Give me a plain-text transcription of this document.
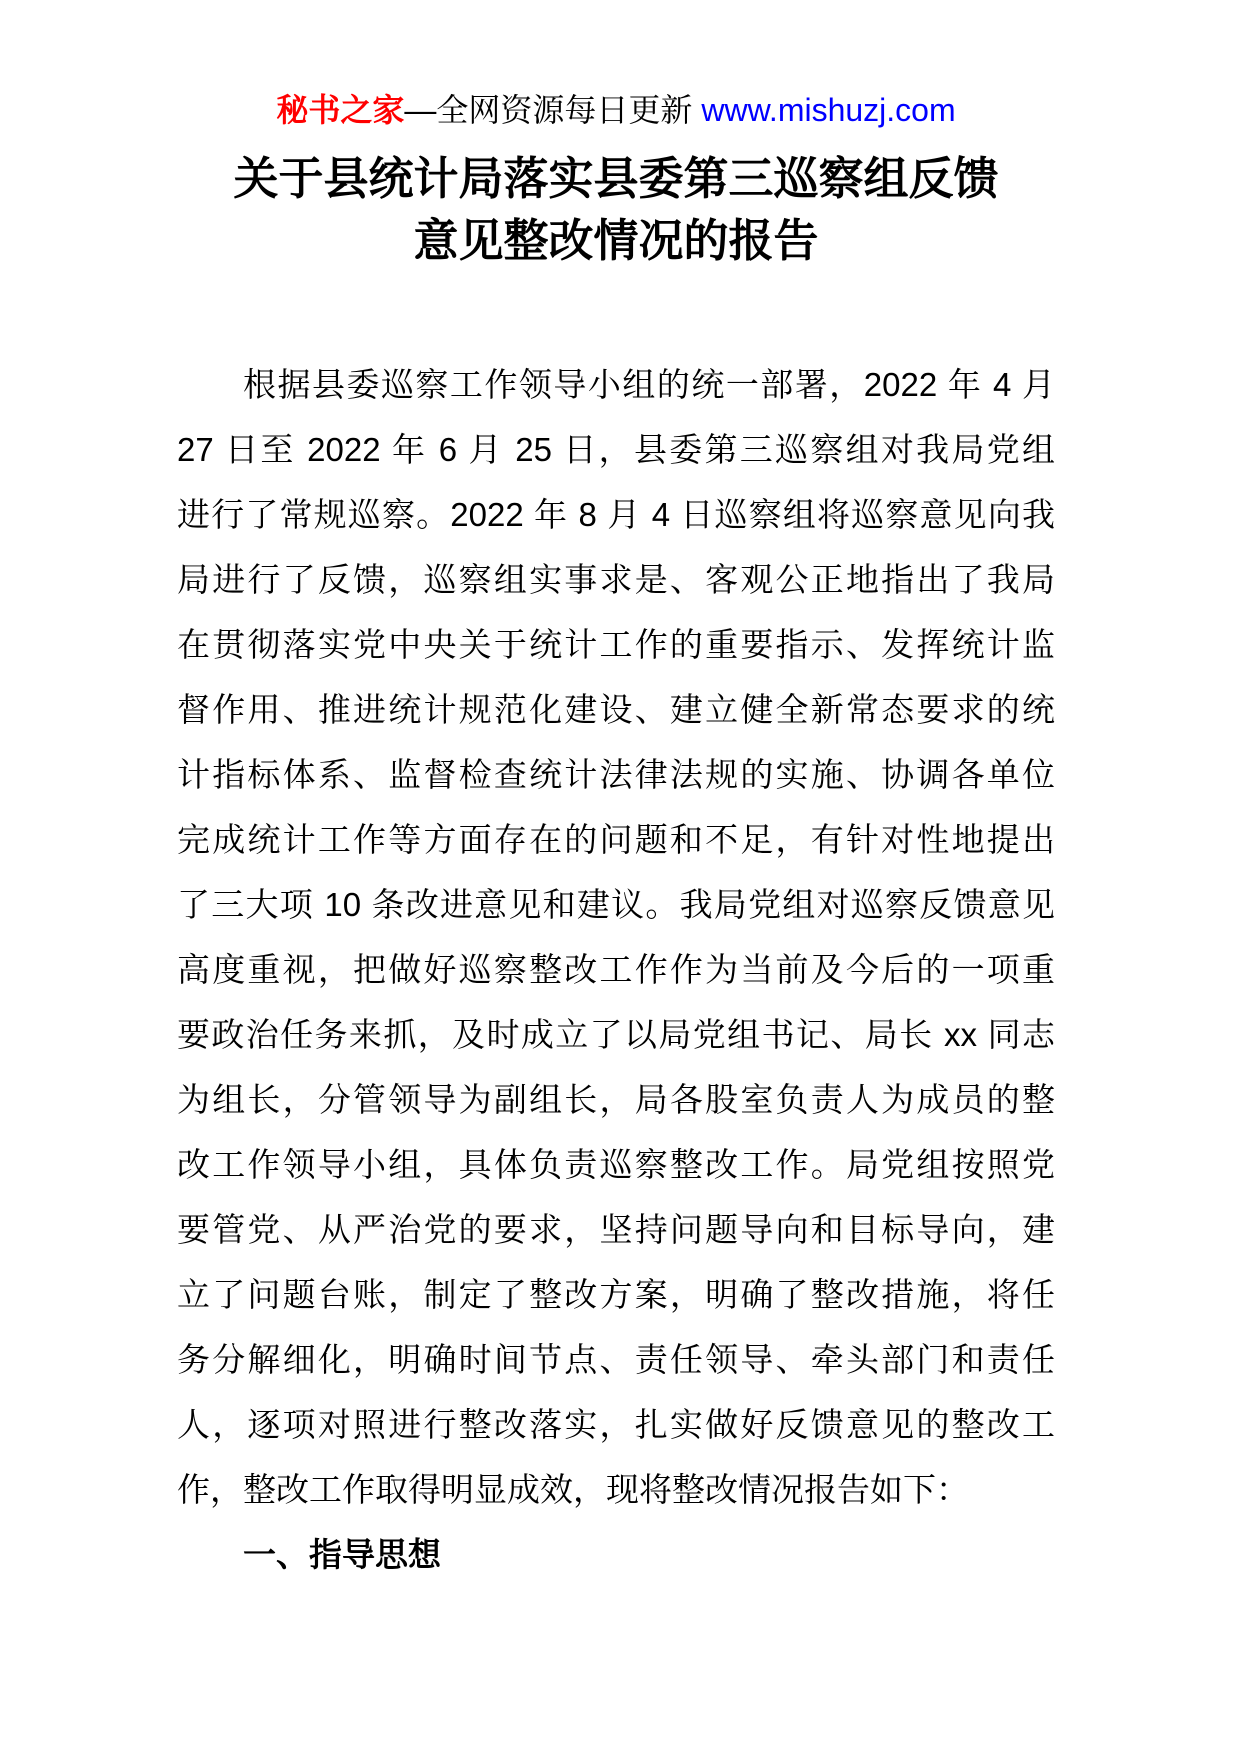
秘书之家—全网资源每日更新 www.mishuzj.com
关于县统计局落实县委第三巡察组反馈
意见整改情况的报告
根据县委巡察工作领导小组的统一部署，2022 年 4 月
27 日至 2022 年 6 月 25 日，县委第三巡察组对我局党组
进行了常规巡察。2022 年 8 月 4 日巡察组将巡察意见向我
局进行了反馈，巡察组实事求是、客观公正地指出了我局
在贯彻落实党中央关于统计工作的重要指示、发挥统计监
督作用、推进统计规范化建设、建立健全新常态要求的统
计指标体系、监督检查统计法律法规的实施、协调各单位
完成统计工作等方面存在的问题和不足，有针对性地提出
了三大项 10 条改进意见和建议。我局党组对巡察反馈意见
高度重视，把做好巡察整改工作作为当前及今后的一项重
要政治任务来抓，及时成立了以局党组书记、局长 xx 同志
为组长，分管领导为副组长，局各股室负责人为成员的整
改工作领导小组，具体负责巡察整改工作。局党组按照党
要管党、从严治党的要求，坚持问题导向和目标导向，建
立了问题台账，制定了整改方案，明确了整改措施，将任
务分解细化，明确时间节点、责任领导、牵头部门和责任
人，逐项对照进行整改落实，扎实做好反馈意见的整改工
作，整改工作取得明显成效，现将整改情况报告如下：
一、指导思想
